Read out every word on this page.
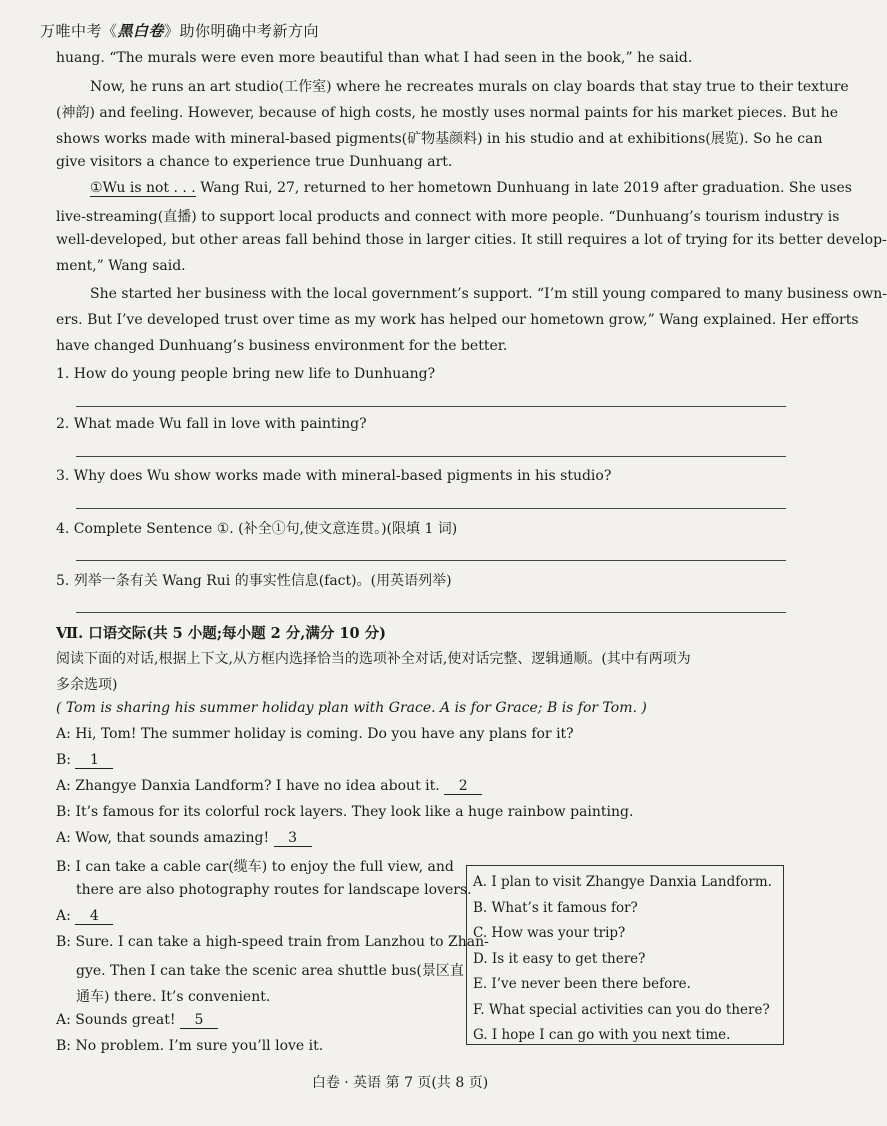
万唯中考《黑白卷》助你明确中考新方向
huang. “The murals were even more beautiful than what I had seen in the book,” he said.
Now, he runs an art studio(工作室) where he recreates murals on clay boards that stay true to their texture
(神韵) and feeling. However, because of high costs, he mostly uses normal paints for his market pieces. But he
shows works made with mineral-based pigments(矿物基颜料) in his studio and at exhibitions(展览). So he can
give visitors a chance to experience true Dunhuang art.
①Wu is not . . . Wang Rui, 27, returned to her hometown Dunhuang in late 2019 after graduation. She uses
live-streaming(直播) to support local products and connect with more people. “Dunhuang’s tourism industry is
well-developed, but other areas fall behind those in larger cities. It still requires a lot of trying for its better develop-
ment,” Wang said.
She started her business with the local government’s support. “I’m still young compared to many business own-
ers. But I’ve developed trust over time as my work has helped our hometown grow,” Wang explained. Her efforts
have changed Dunhuang’s business environment for the better.
1. How do young people bring new life to Dunhuang?
2. What made Wu fall in love with painting?
3. Why does Wu show works made with mineral-based pigments in his studio?
4. Complete Sentence ①. (补全①句,使文意连贯。)(限填 1 词)
5. 列举一条有关 Wang Rui 的事实性信息(fact)。(用英语列举)
Ⅶ. 口语交际(共 5 小题;每小题 2 分,满分 10 分)
阅读下面的对话,根据上下文,从方框内选择恰当的选项补全对话,使对话完整、逻辑通顺。(其中有两项为
多余选项)
( Tom is sharing his summer holiday plan with Grace. A is for Grace; B is for Tom. )
A: Hi, Tom! The summer holiday is coming. Do you have any plans for it?
B: 1
A: Zhangye Danxia Landform? I have no idea about it. 2
B: It’s famous for its colorful rock layers. They look like a huge rainbow painting.
A: Wow, that sounds amazing! 3
B: I can take a cable car(缆车) to enjoy the full view, and
there are also photography routes for landscape lovers.
A: 4
B: Sure. I can take a high-speed train from Lanzhou to Zhan-
gye. Then I can take the scenic area shuttle bus(景区直
通车) there. It’s convenient.
A: Sounds great! 5
B: No problem. I’m sure you’ll love it.
A. I plan to visit Zhangye Danxia Landform.
B. What’s it famous for?
C. How was your trip?
D. Is it easy to get there?
E. I’ve never been there before.
F. What special activities can you do there?
G. I hope I can go with you next time.
白卷 · 英语 第 7 页(共 8 页)
